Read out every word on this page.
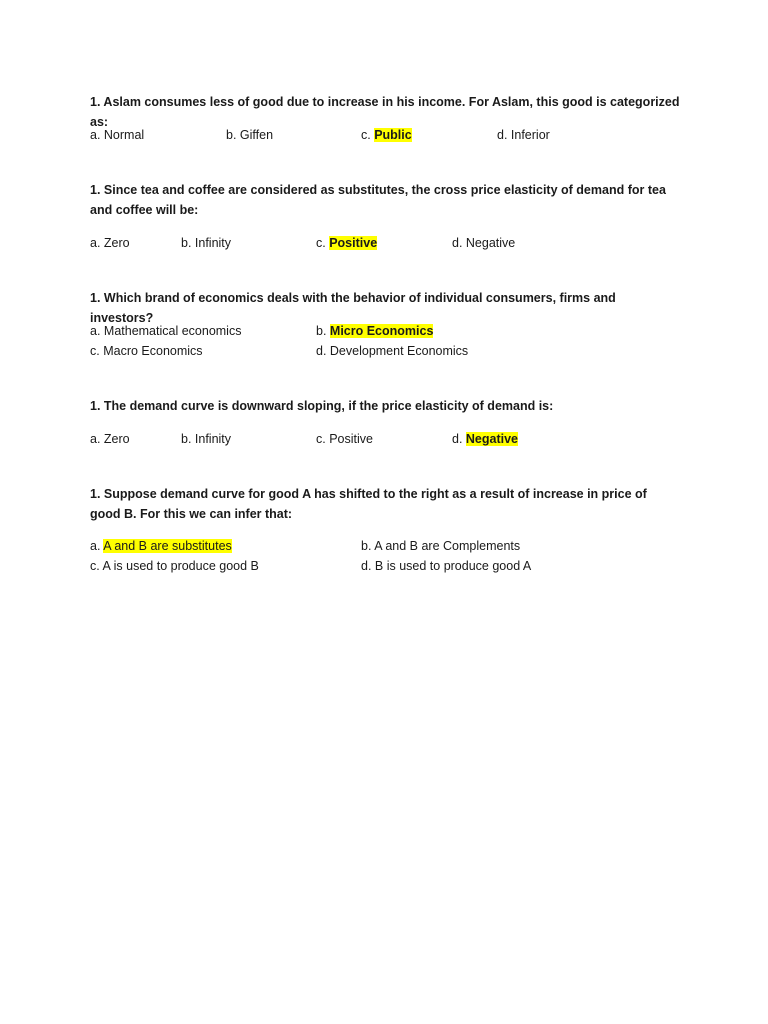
1. Aslam consumes less of good due to increase in his income. For Aslam, this good is categorized as:
a. Normal	b. Giffen	c. Public	d. Inferior
1. Since tea and coffee are considered as substitutes, the cross price elasticity of demand for tea and coffee will be:
a. Zero	b. Infinity	c. Positive	d. Negative
1. Which brand of economics deals with the behavior of individual consumers, firms and investors?
a. Mathematical economics	b. Micro Economics
c. Macro Economics	d. Development Economics
1. The demand curve is downward sloping, if the price elasticity of demand is:
a. Zero	b. Infinity	c. Positive	d. Negative
1. Suppose demand curve for good A has shifted to the right as a result of increase in price of good B. For this we can infer that:
a. A and B are substitutes	b. A and B are Complements
c. A is used to produce good B	d. B is used to produce good A
